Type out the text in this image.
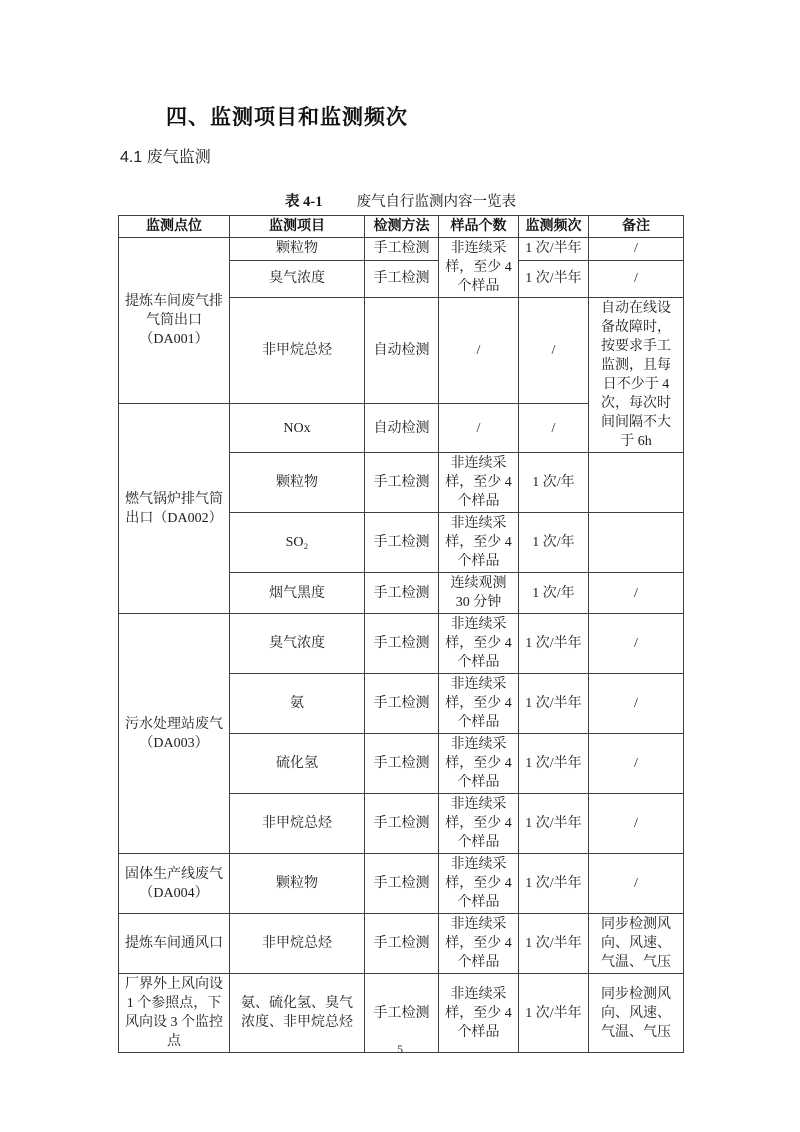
四、监测项目和监测频次
4.1 废气监测
表 4-1 废气自行监测内容一览表
监测点位	监测项目	检测方法	样品个数	监测频次	备注
提炼车间废气排气筒出口（DA001）	颗粒物	手工检测	非连续采样，至少 4 个样品	1 次/半年	/
	臭气浓度	手工检测		1 次/半年	/
	非甲烷总烃	自动检测	/	/	自动在线设备故障时，按要求手工监测，且每日不少于 4 次，每次时间间隔不大于 6h
燃气锅炉排气筒出口（DA002）	NOx	自动检测	/	/	
	颗粒物	手工检测	非连续采样，至少 4 个样品	1 次/年	
	SO₂	手工检测	非连续采样，至少 4 个样品	1 次/年	
	烟气黑度	手工检测	连续观测 30 分钟	1 次/年	/
污水处理站废气（DA003）	臭气浓度	手工检测	非连续采样，至少 4 个样品	1 次/半年	/
	氨	手工检测	非连续采样，至少 4 个样品	1 次/半年	/
	硫化氢	手工检测	非连续采样，至少 4 个样品	1 次/半年	/
	非甲烷总烃	手工检测	非连续采样，至少 4 个样品	1 次/半年	/
固体生产线废气（DA004）	颗粒物	手工检测	非连续采样，至少 4 个样品	1 次/半年	/
提炼车间通风口	非甲烷总烃	手工检测	非连续采样，至少 4 个样品	1 次/半年	同步检测风向、风速、气温、气压
厂界外上风向设 1 个参照点，下风向设 3 个监控点	氨、硫化氢、臭气浓度、非甲烷总烃	手工检测	非连续采样，至少 4 个样品	1 次/半年	同步检测风向、风速、气温、气压
5
